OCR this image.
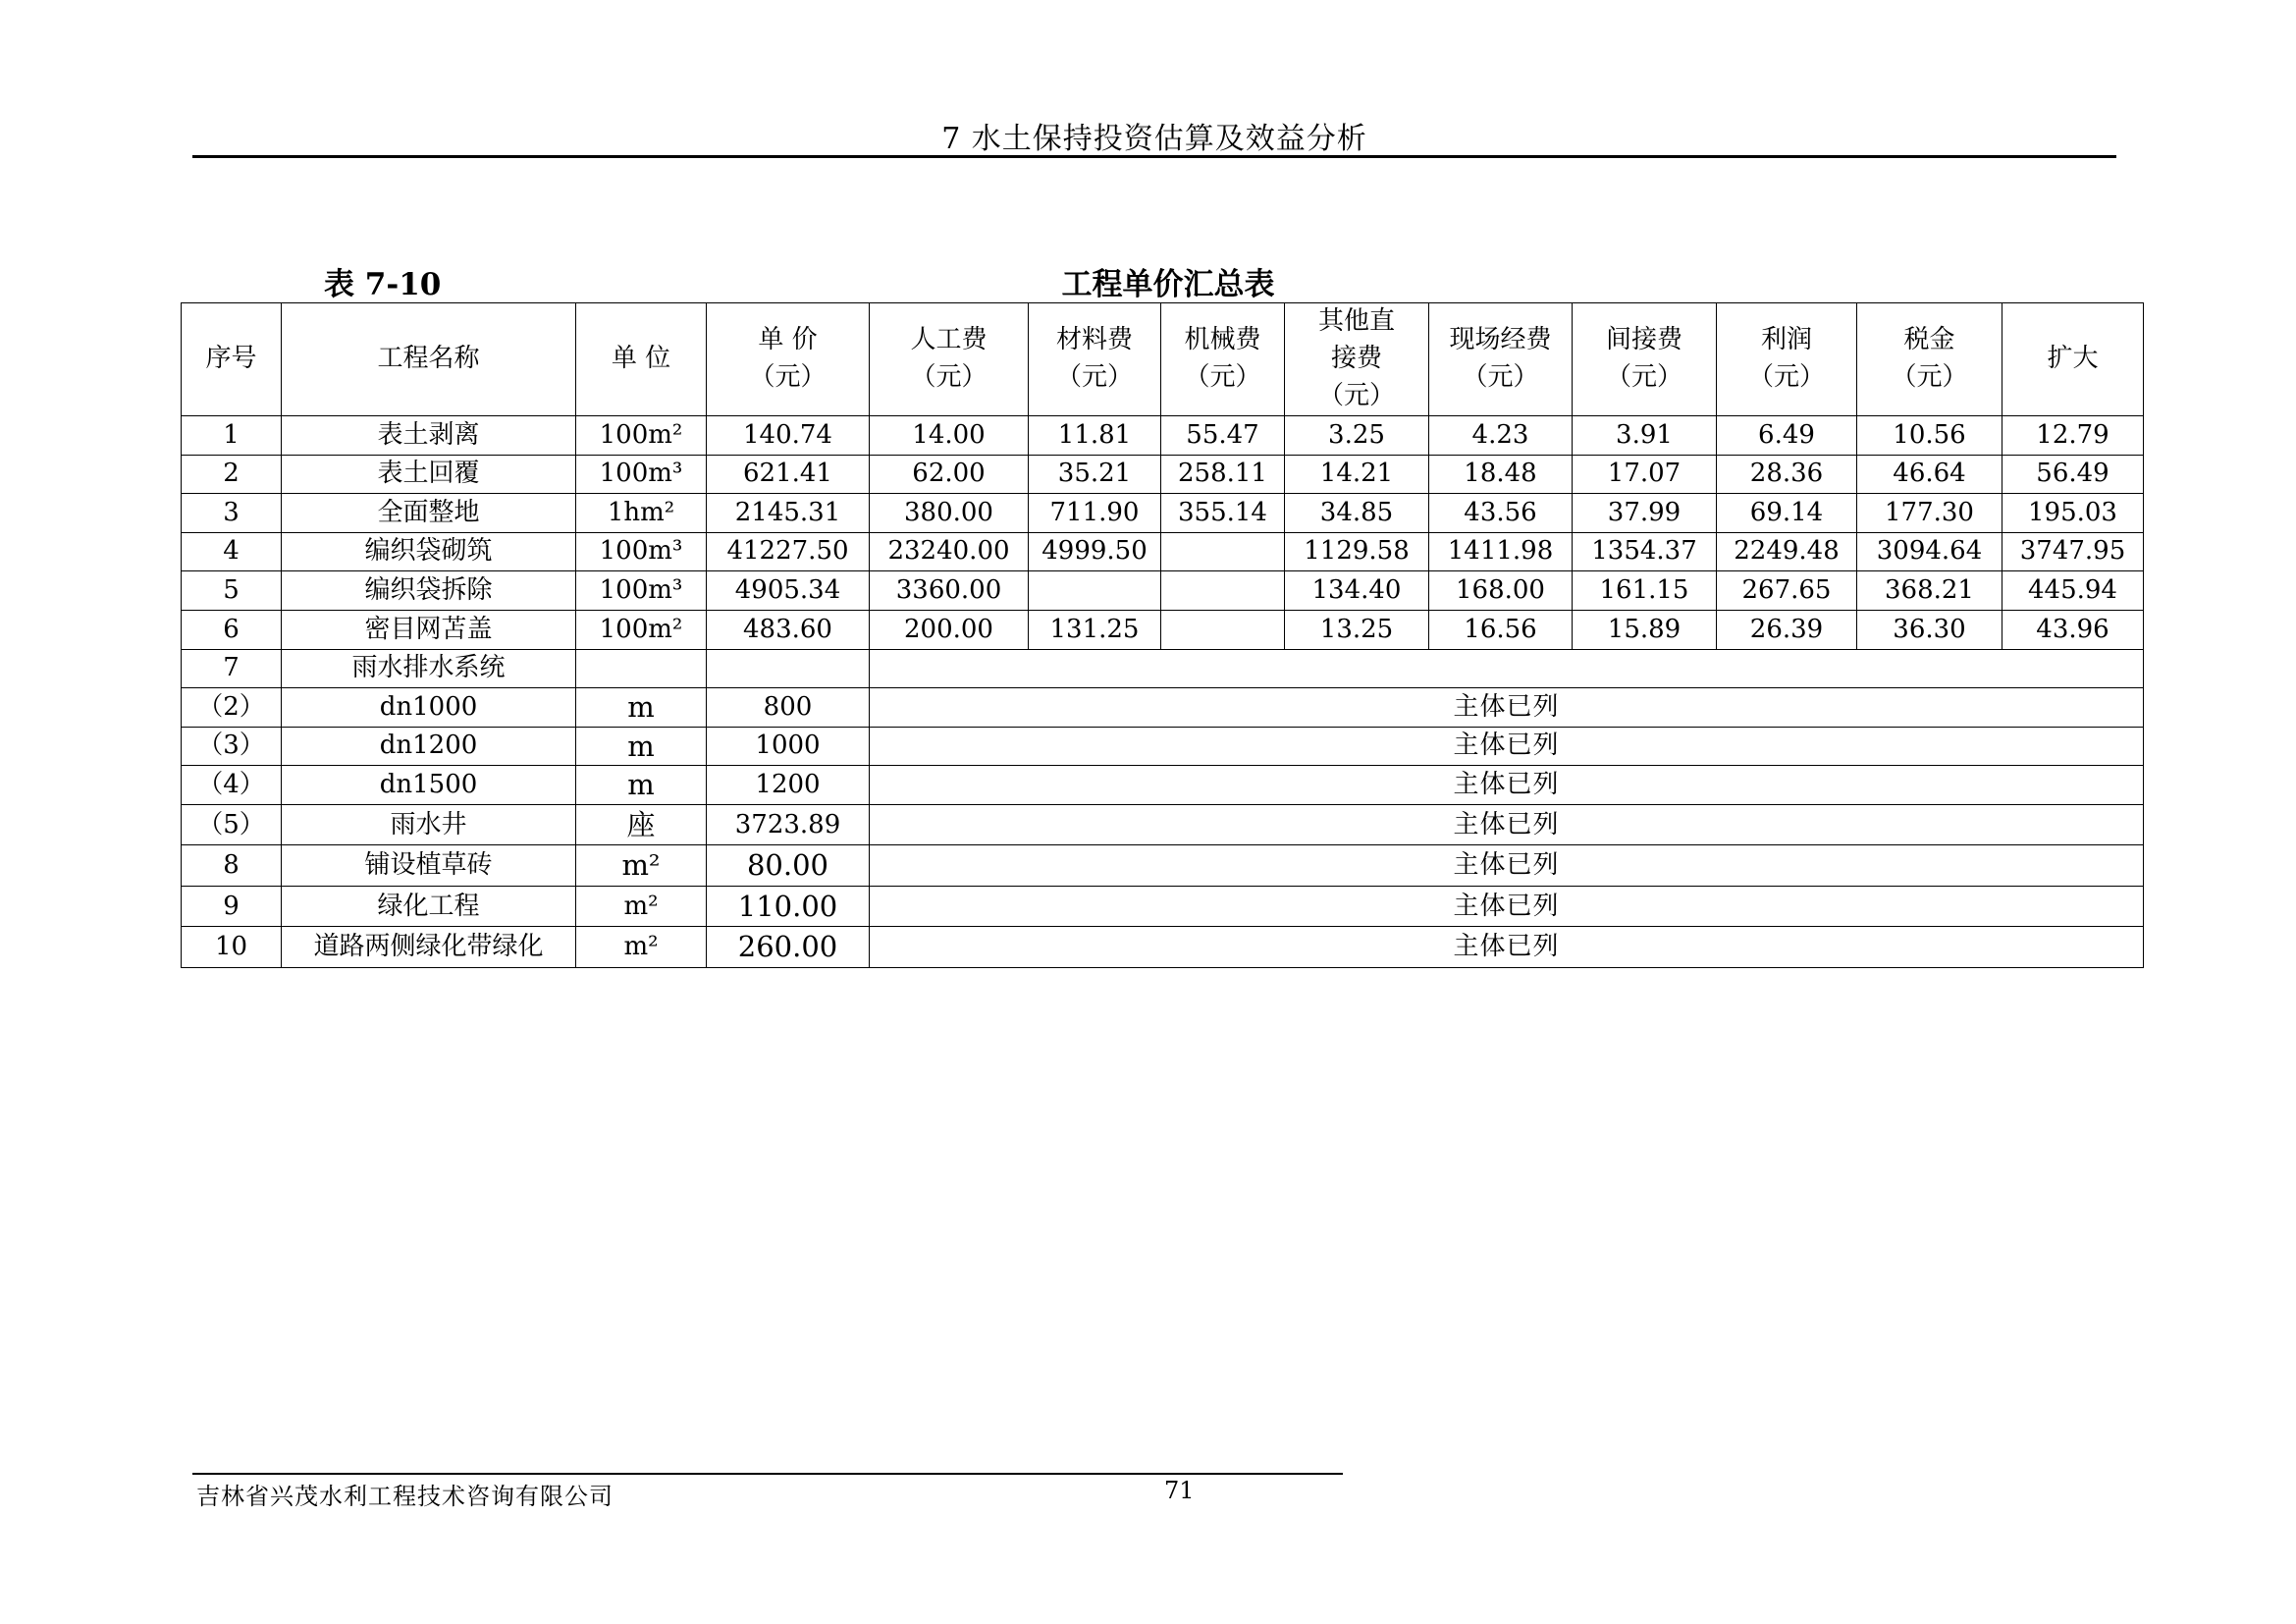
7 水土保持投资估算及效益分析
表 7-10	工程单价汇总表
序号	工程名称	单 位	单 价（元）	人工费（元）	材料费（元）	机械费（元）	其他直接费（元）	现场经费（元）	间接费（元）	利润（元）	税金（元）	扩大
1	表土剥离	100m²	140.74	14.00	11.81	55.47	3.25	4.23	3.91	6.49	10.56	12.79
2	表土回覆	100m³	621.41	62.00	35.21	258.11	14.21	18.48	17.07	28.36	46.64	56.49
3	全面整地	1hm²	2145.31	380.00	711.90	355.14	34.85	43.56	37.99	69.14	177.30	195.03
4	编织袋砌筑	100m³	41227.50	23240.00	4999.50		1129.58	1411.98	1354.37	2249.48	3094.64	3747.95
5	编织袋拆除	100m³	4905.34	3360.00			134.40	168.00	161.15	267.65	368.21	445.94
6	密目网苫盖	100m²	483.60	200.00	131.25		13.25	16.56	15.89	26.39	36.30	43.96
7	雨水排水系统											
（2）	dn1000	m	800	主体已列								
（3）	dn1200	m	1000	主体已列								
（4）	dn1500	m	1200	主体已列								
（5）	雨水井	座	3723.89	主体已列								
8	铺设植草砖	m²	80.00	主体已列								
9	绿化工程	m²	110.00	主体已列								
10	道路两侧绿化带绿化	m²	260.00	主体已列								
吉林省兴茂水利工程技术咨询有限公司	71
